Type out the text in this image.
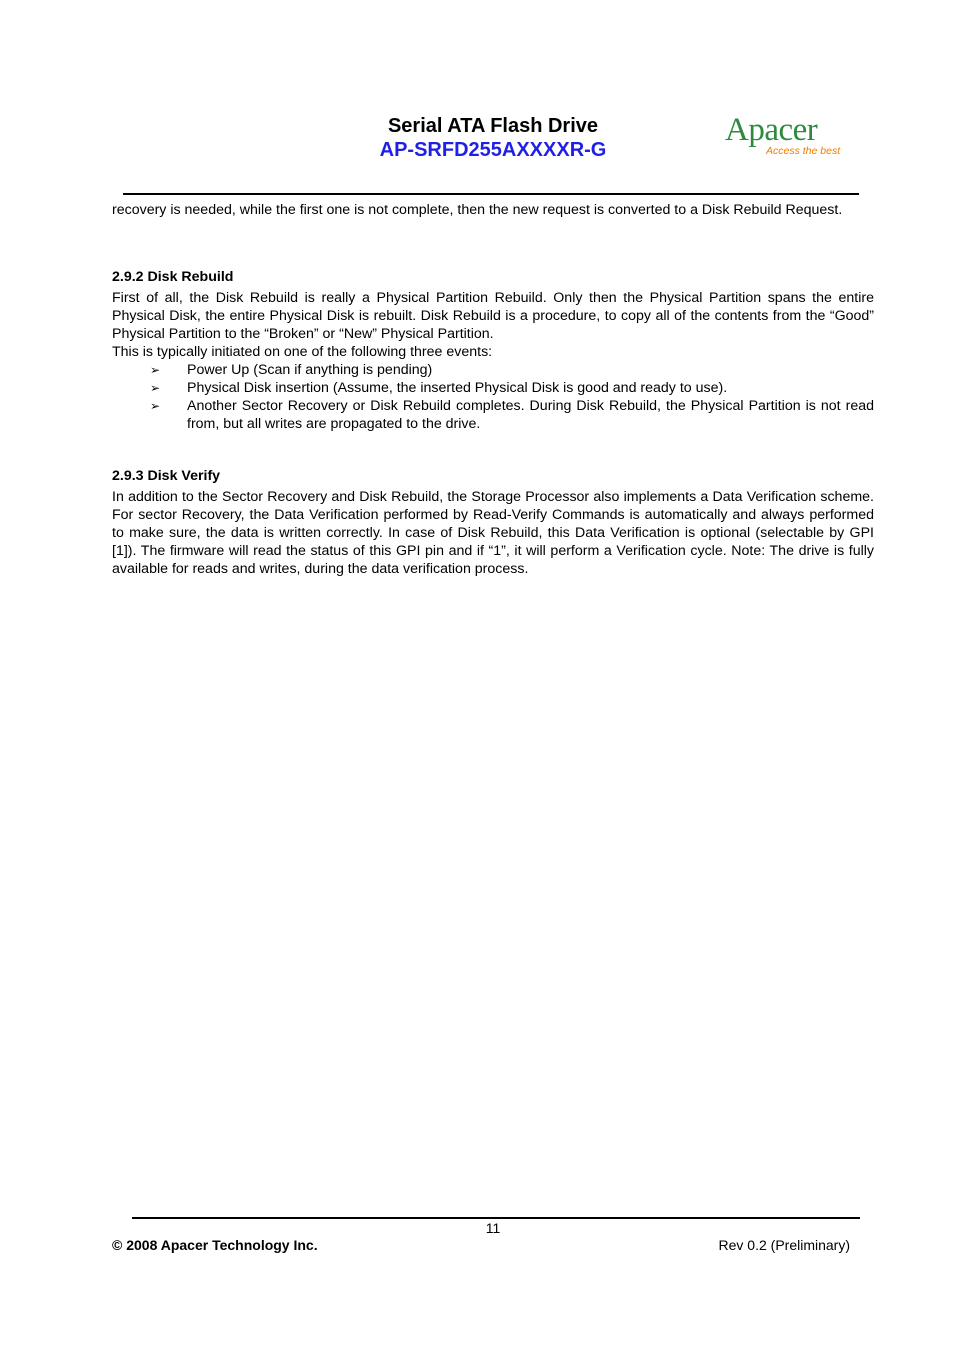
Serial ATA Flash Drive
AP-SRFD255AXXXXR-G
Apacer
Access the best
recovery is needed, while the first one is not complete, then the new request is converted to a Disk Rebuild Request.
2.9.2 Disk Rebuild
First of all, the Disk Rebuild is really a Physical Partition Rebuild. Only then the Physical Partition spans the entire Physical Disk, the entire Physical Disk is rebuilt. Disk Rebuild is a procedure, to copy all of the contents from the “Good” Physical Partition to the “Broken” or “New” Physical Partition.
This is typically initiated on one of the following three events:
➢ Power Up (Scan if anything is pending)
➢ Physical Disk insertion (Assume, the inserted Physical Disk is good and ready to use).
➢ Another Sector Recovery or Disk Rebuild completes. During Disk Rebuild, the Physical Partition is not read from, but all writes are propagated to the drive.
2.9.3 Disk Verify
In addition to the Sector Recovery and Disk Rebuild, the Storage Processor also implements a Data Verification scheme. For sector Recovery, the Data Verification performed by Read-Verify Commands is automatically and always performed to make sure, the data is written correctly. In case of Disk Rebuild, this Data Verification is optional (selectable by GPI [1]). The firmware will read the status of this GPI pin and if “1”, it will perform a Verification cycle. Note: The drive is fully available for reads and writes, during the data verification process.
11
© 2008 Apacer Technology Inc.	Rev 0.2 (Preliminary)
